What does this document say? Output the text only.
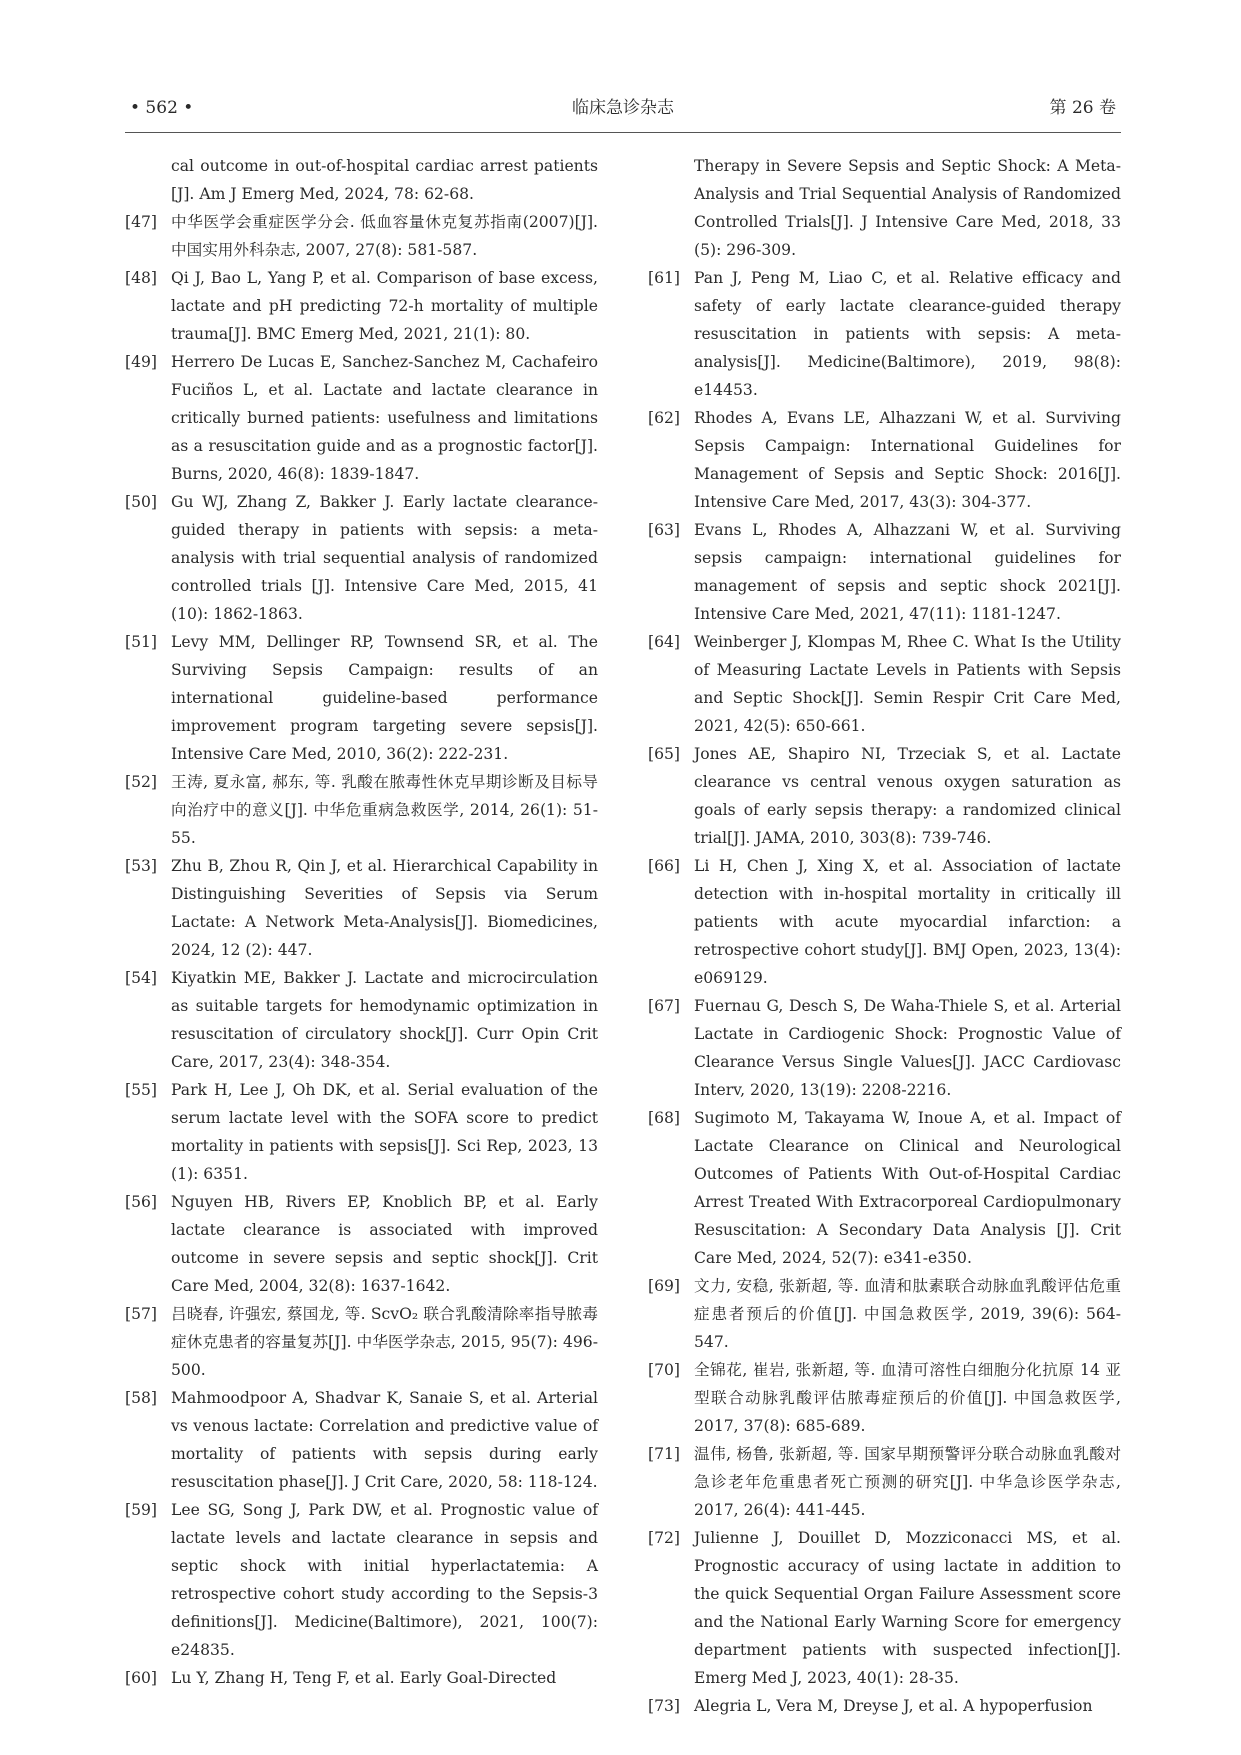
• 562 •	临床急诊杂志	第 26 卷
cal outcome in out-of-hospital cardiac arrest patients [J]. Am J Emerg Med, 2024, 78: 62-68.
[47] 中华医学会重症医学分会. 低血容量休克复苏指南(2007)[J]. 中国实用外科杂志, 2007, 27(8): 581-587.
[48] Qi J, Bao L, Yang P, et al. Comparison of base excess, lactate and pH predicting 72-h mortality of multiple trauma[J]. BMC Emerg Med, 2021, 21(1): 80.
[49] Herrero De Lucas E, Sanchez-Sanchez M, Cachafeiro Fuciños L, et al. Lactate and lactate clearance in critically burned patients: usefulness and limitations as a resuscitation guide and as a prognostic factor[J]. Burns, 2020, 46(8): 1839-1847.
[50] Gu WJ, Zhang Z, Bakker J. Early lactate clearance-guided therapy in patients with sepsis: a meta-analysis with trial sequential analysis of randomized controlled trials [J]. Intensive Care Med, 2015, 41 (10): 1862-1863.
[51] Levy MM, Dellinger RP, Townsend SR, et al. The Surviving Sepsis Campaign: results of an international guideline-based performance improvement program targeting severe sepsis[J]. Intensive Care Med, 2010, 36(2): 222-231.
[52] 王涛, 夏永富, 郝东, 等. 乳酸在脓毒性休克早期诊断及目标导向治疗中的意义[J]. 中华危重病急救医学, 2014, 26(1): 51-55.
[53] Zhu B, Zhou R, Qin J, et al. Hierarchical Capability in Distinguishing Severities of Sepsis via Serum Lactate: A Network Meta-Analysis[J]. Biomedicines, 2024, 12 (2): 447.
[54] Kiyatkin ME, Bakker J. Lactate and microcirculation as suitable targets for hemodynamic optimization in resuscitation of circulatory shock[J]. Curr Opin Crit Care, 2017, 23(4): 348-354.
[55] Park H, Lee J, Oh DK, et al. Serial evaluation of the serum lactate level with the SOFA score to predict mortality in patients with sepsis[J]. Sci Rep, 2023, 13 (1): 6351.
[56] Nguyen HB, Rivers EP, Knoblich BP, et al. Early lactate clearance is associated with improved outcome in severe sepsis and septic shock[J]. Crit Care Med, 2004, 32(8): 1637-1642.
[57] 吕晓春, 许强宏, 蔡国龙, 等. ScvO₂ 联合乳酸清除率指导脓毒症休克患者的容量复苏[J]. 中华医学杂志, 2015, 95(7): 496-500.
[58] Mahmoodpoor A, Shadvar K, Sanaie S, et al. Arterial vs venous lactate: Correlation and predictive value of mortality of patients with sepsis during early resuscitation phase[J]. J Crit Care, 2020, 58: 118-124.
[59] Lee SG, Song J, Park DW, et al. Prognostic value of lactate levels and lactate clearance in sepsis and septic shock with initial hyperlactatemia: A retrospective cohort study according to the Sepsis-3 definitions[J]. Medicine(Baltimore), 2021, 100(7): e24835.
[60] Lu Y, Zhang H, Teng F, et al. Early Goal-Directed
Therapy in Severe Sepsis and Septic Shock: A Meta-Analysis and Trial Sequential Analysis of Randomized Controlled Trials[J]. J Intensive Care Med, 2018, 33 (5): 296-309.
[61] Pan J, Peng M, Liao C, et al. Relative efficacy and safety of early lactate clearance-guided therapy resuscitation in patients with sepsis: A meta-analysis[J]. Medicine(Baltimore), 2019, 98(8): e14453.
[62] Rhodes A, Evans LE, Alhazzani W, et al. Surviving Sepsis Campaign: International Guidelines for Management of Sepsis and Septic Shock: 2016[J]. Intensive Care Med, 2017, 43(3): 304-377.
[63] Evans L, Rhodes A, Alhazzani W, et al. Surviving sepsis campaign: international guidelines for management of sepsis and septic shock 2021[J]. Intensive Care Med, 2021, 47(11): 1181-1247.
[64] Weinberger J, Klompas M, Rhee C. What Is the Utility of Measuring Lactate Levels in Patients with Sepsis and Septic Shock[J]. Semin Respir Crit Care Med, 2021, 42(5): 650-661.
[65] Jones AE, Shapiro NI, Trzeciak S, et al. Lactate clearance vs central venous oxygen saturation as goals of early sepsis therapy: a randomized clinical trial[J]. JAMA, 2010, 303(8): 739-746.
[66] Li H, Chen J, Xing X, et al. Association of lactate detection with in-hospital mortality in critically ill patients with acute myocardial infarction: a retrospective cohort study[J]. BMJ Open, 2023, 13(4): e069129.
[67] Fuernau G, Desch S, De Waha-Thiele S, et al. Arterial Lactate in Cardiogenic Shock: Prognostic Value of Clearance Versus Single Values[J]. JACC Cardiovasc Interv, 2020, 13(19): 2208-2216.
[68] Sugimoto M, Takayama W, Inoue A, et al. Impact of Lactate Clearance on Clinical and Neurological Outcomes of Patients With Out-of-Hospital Cardiac Arrest Treated With Extracorporeal Cardiopulmonary Resuscitation: A Secondary Data Analysis [J]. Crit Care Med, 2024, 52(7): e341-e350.
[69] 文力, 安稳, 张新超, 等. 血清和肽素联合动脉血乳酸评估危重症患者预后的价值[J]. 中国急救医学, 2019, 39(6): 564-547.
[70] 全锦花, 崔岩, 张新超, 等. 血清可溶性白细胞分化抗原 14 亚型联合动脉乳酸评估脓毒症预后的价值[J]. 中国急救医学, 2017, 37(8): 685-689.
[71] 温伟, 杨鲁, 张新超, 等. 国家早期预警评分联合动脉血乳酸对急诊老年危重患者死亡预测的研究[J]. 中华急诊医学杂志, 2017, 26(4): 441-445.
[72] Julienne J, Douillet D, Mozziconacci MS, et al. Prognostic accuracy of using lactate in addition to the quick Sequential Organ Failure Assessment score and the National Early Warning Score for emergency department patients with suspected infection[J]. Emerg Med J, 2023, 40(1): 28-35.
[73] Alegria L, Vera M, Dreyse J, et al. A hypoperfusion
